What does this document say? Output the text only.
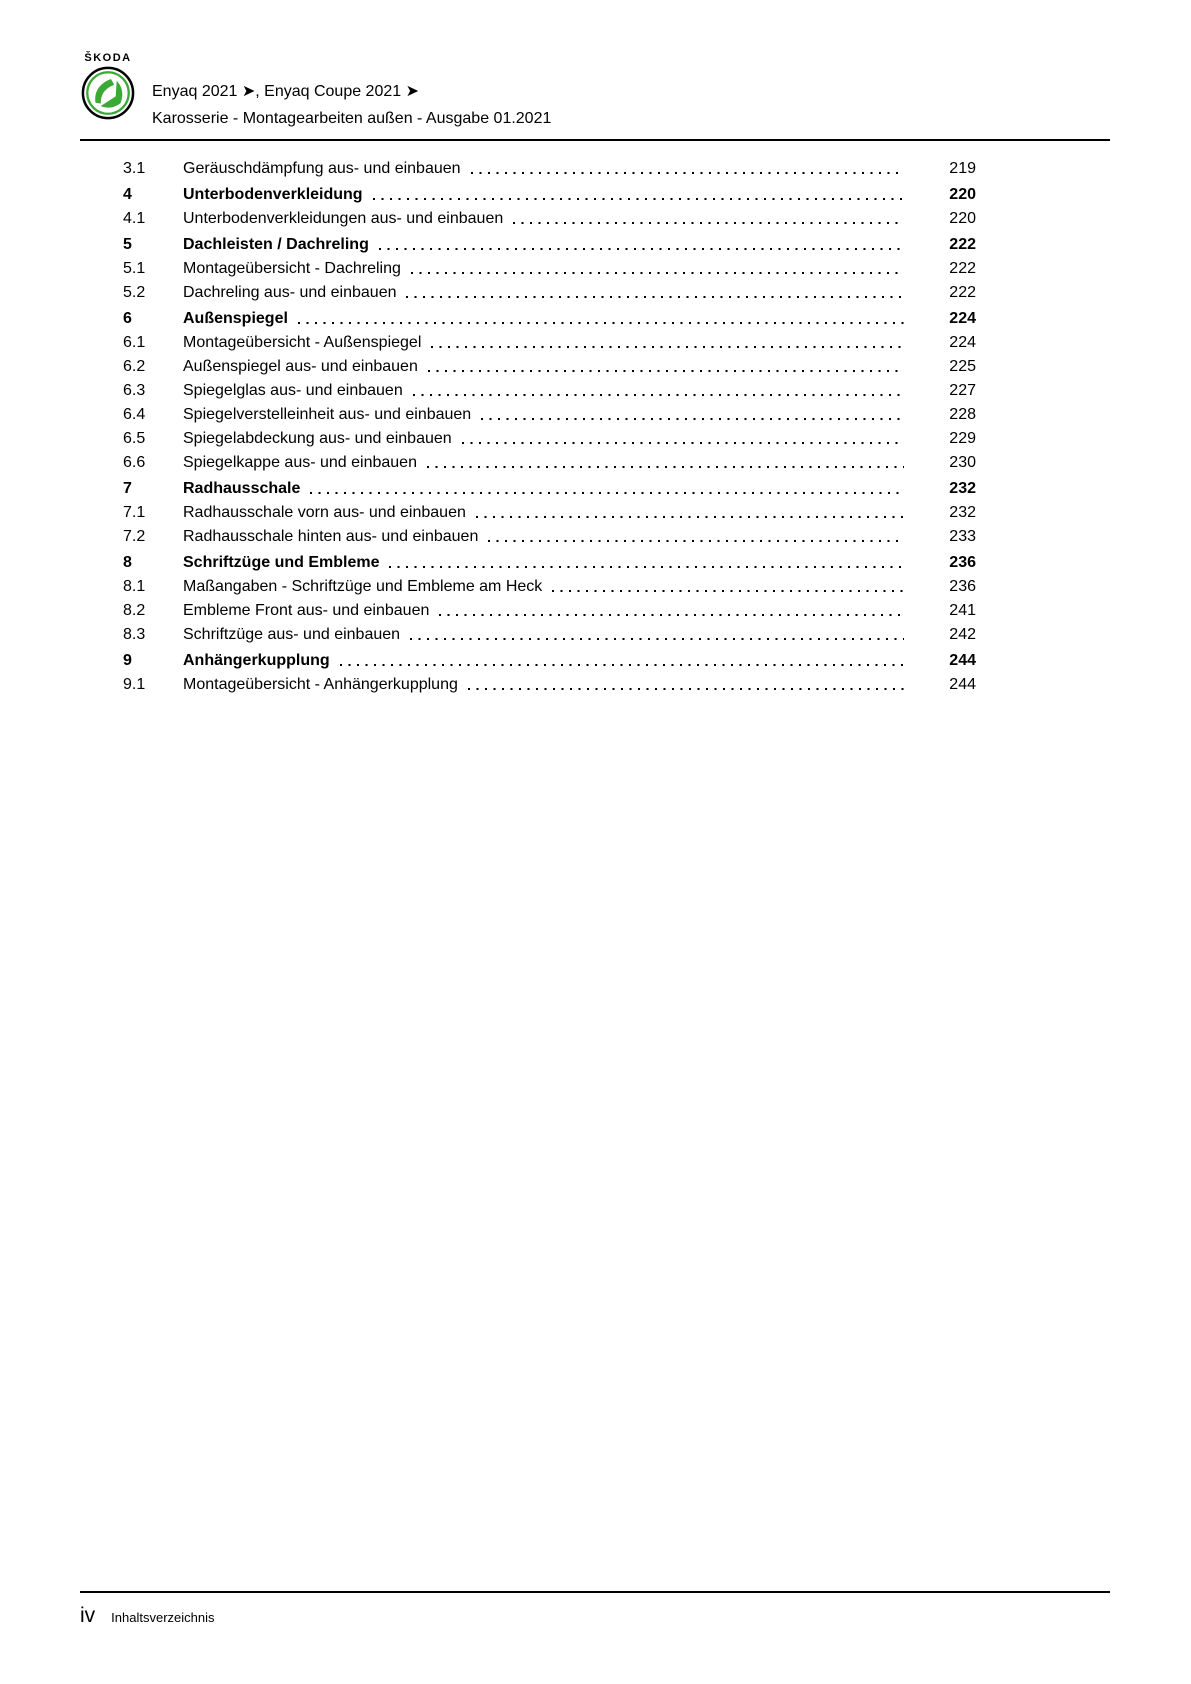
ŠKODA
Enyaq 2021 ➤, Enyaq Coupe 2021 ➤
Karosserie - Montagearbeiten außen - Ausgabe 01.2021
3.1	Geräuschdämpfung aus- und einbauen	219
4	Unterbodenverkleidung	220
4.1	Unterbodenverkleidungen aus- und einbauen	220
5	Dachleisten / Dachreling	222
5.1	Montageübersicht - Dachreling	222
5.2	Dachreling aus- und einbauen	222
6	Außenspiegel	224
6.1	Montageübersicht - Außenspiegel	224
6.2	Außenspiegel aus- und einbauen	225
6.3	Spiegelglas aus- und einbauen	227
6.4	Spiegelverstelleinheit aus- und einbauen	228
6.5	Spiegelabdeckung aus- und einbauen	229
6.6	Spiegelkappe aus- und einbauen	230
7	Radhausschale	232
7.1	Radhausschale vorn aus- und einbauen	232
7.2	Radhausschale hinten aus- und einbauen	233
8	Schriftzüge und Embleme	236
8.1	Maßangaben - Schriftzüge und Embleme am Heck	236
8.2	Embleme Front aus- und einbauen	241
8.3	Schriftzüge aus- und einbauen	242
9	Anhängerkupplung	244
9.1	Montageübersicht - Anhängerkupplung	244
iv Inhaltsverzeichnis
